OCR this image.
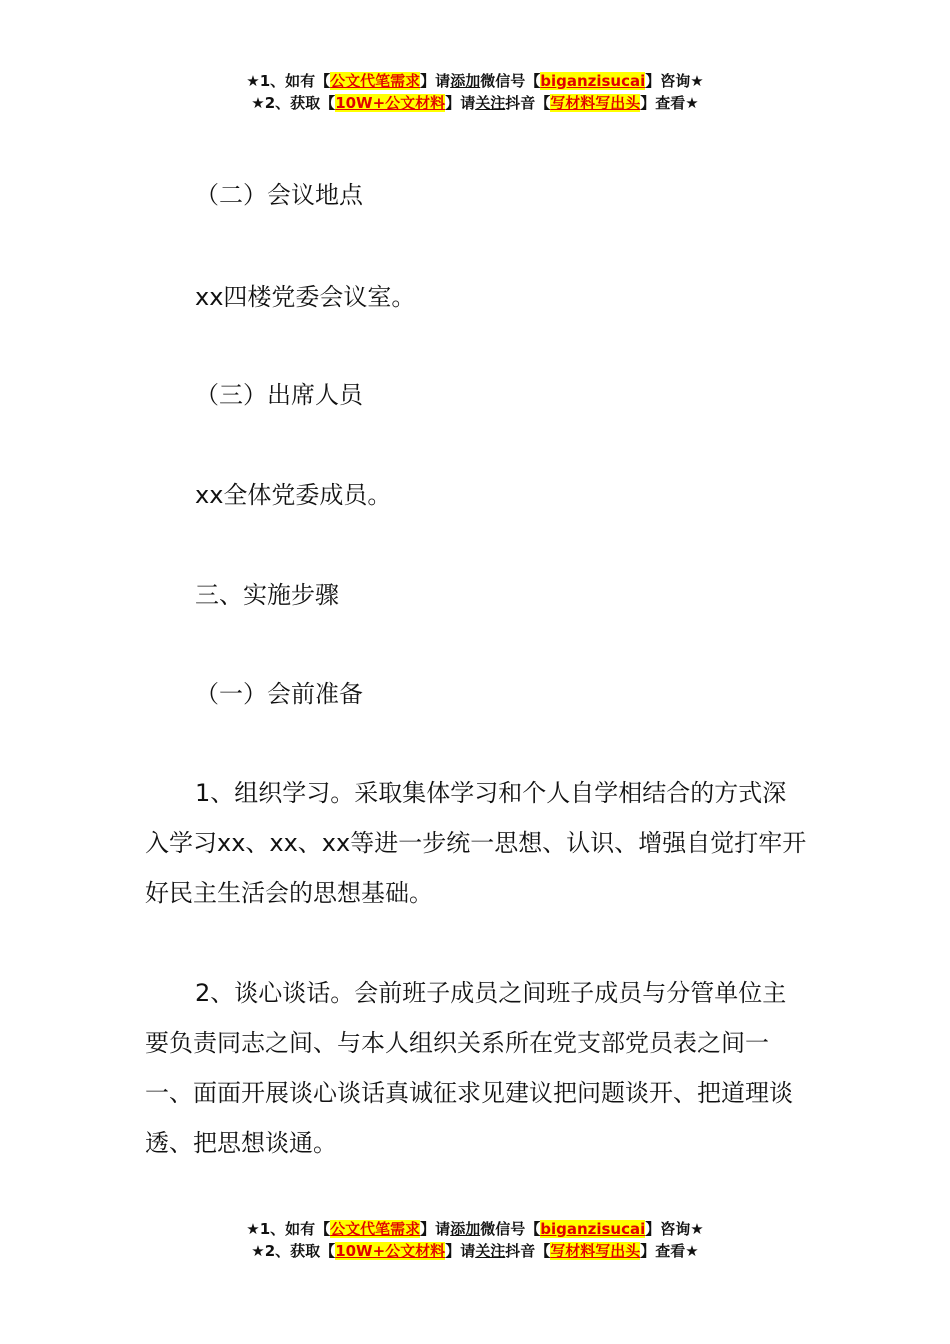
★1、如有【公文代笔需求】请添加微信号【biganzisucai】咨询★
★2、获取【10W+公文材料】请关注抖音【写材料写出头】查看★
（二）会议地点
xx四楼党委会议室。
（三）出席人员
xx全体党委成员。
三、实施步骤
（一）会前准备
1、组织学习。采取集体学习和个人自学相结合的方式深入学习xx、xx、xx等进一步统一思想、认识、增强自觉打牢开好民主生活会的思想基础。
2、谈心谈话。会前班子成员之间班子成员与分管单位主要负责同志之间、与本人组织关系所在党支部党员表之间一一、面面开展谈心谈话真诚征求见建议把问题谈开、把道理谈透、把思想谈通。
★1、如有【公文代笔需求】请添加微信号【biganzisucai】咨询★
★2、获取【10W+公文材料】请关注抖音【写材料写出头】查看★
